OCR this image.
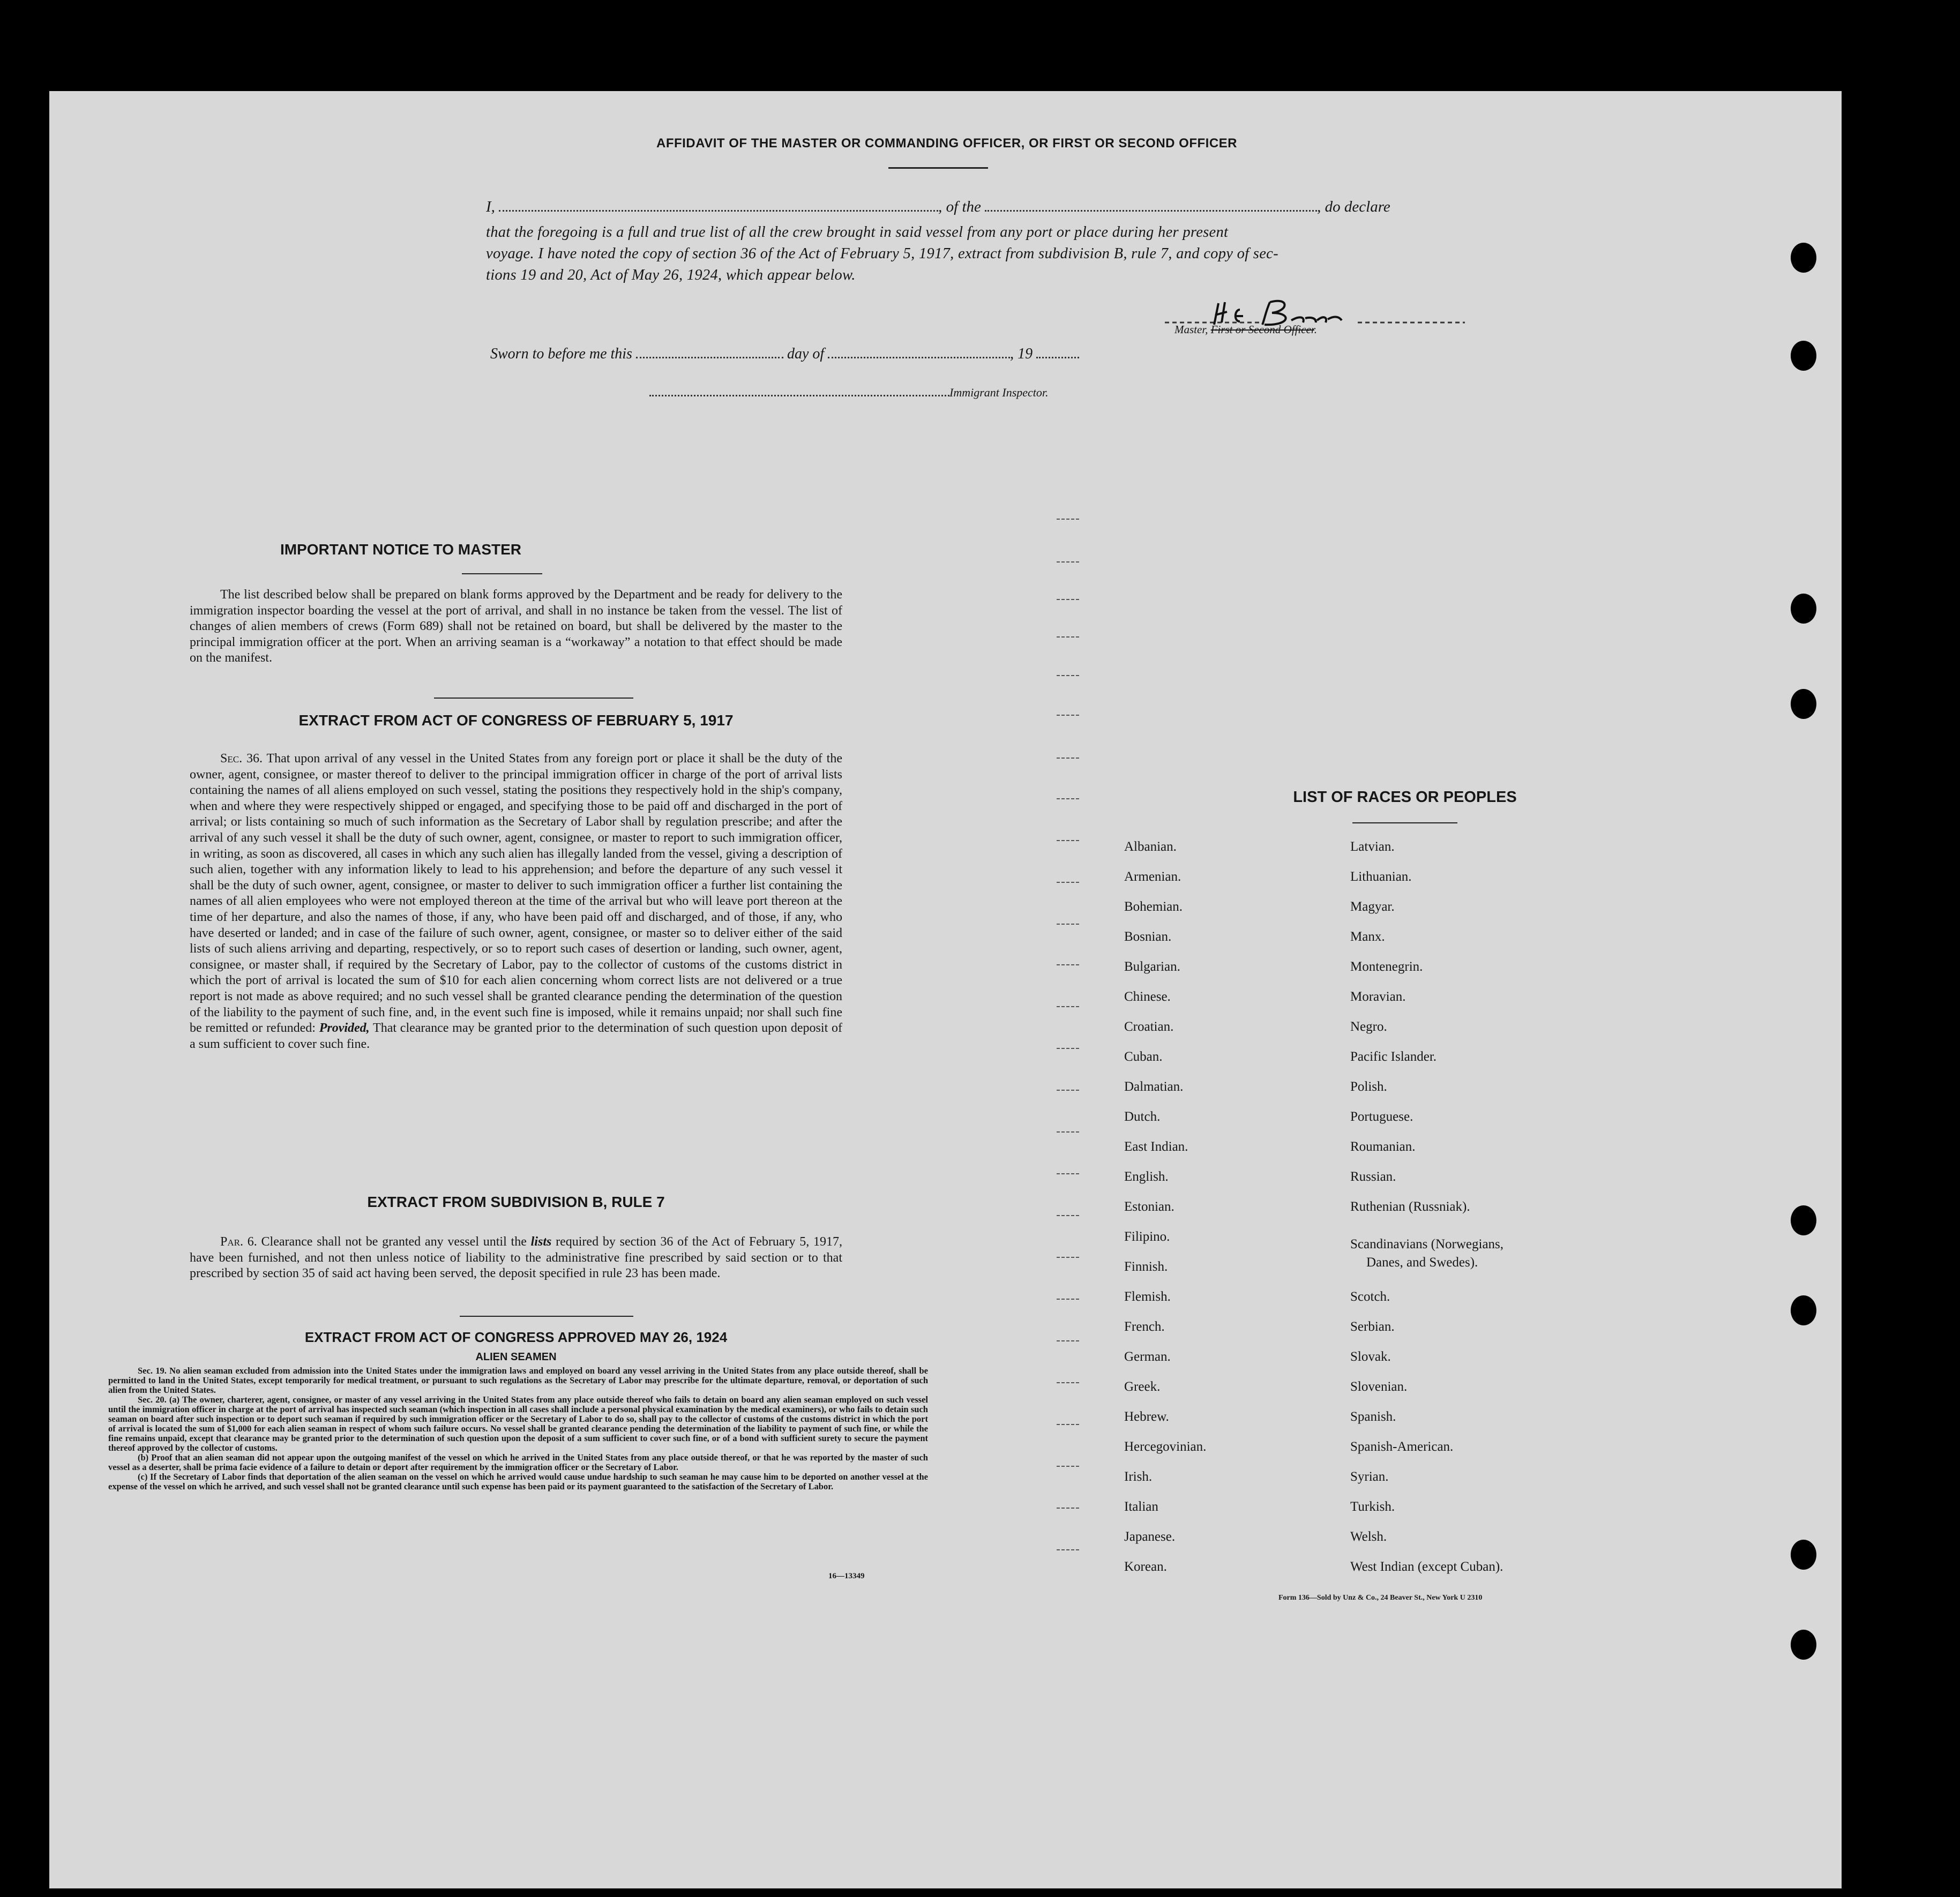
AFFIDAVIT OF THE MASTER OR COMMANDING OFFICER, OR FIRST OR SECOND OFFICER
I,	, of the	, do declare
that the foregoing is a full and true list of all the crew brought in said vessel from any port or place during her present
voyage. I have noted the copy of section 36 of the Act of February 5, 1917, extract from subdivision B, rule 7, and copy of sec-
tions 19 and 20, Act of May 26, 1924, which appear below.
Master, First or Second Officer.
Sworn to before me this	day of	, 19
Immigrant Inspector.
IMPORTANT NOTICE TO MASTER
The list described below shall be prepared on blank forms approved by the Department and be ready for delivery to the immigration inspector boarding the vessel at the port of arrival, and shall in no instance be taken from the vessel. The list of changes of alien members of crews (Form 689) shall not be retained on board, but shall be delivered by the master to the principal immigration officer at the port. When an arriving seaman is a “workaway” a notation to that effect should be made on the manifest.
EXTRACT FROM ACT OF CONGRESS OF FEBRUARY 5, 1917
Sec. 36. That upon arrival of any vessel in the United States from any foreign port or place it shall be the duty of the owner, agent, consignee, or master thereof to deliver to the principal immigration officer in charge of the port of arrival lists containing the names of all aliens employed on such vessel, stating the positions they respectively hold in the ship's company, when and where they were respectively shipped or engaged, and specifying those to be paid off and discharged in the port of arrival; or lists containing so much of such information as the Secretary of Labor shall by regulation prescribe; and after the arrival of any such vessel it shall be the duty of such owner, agent, consignee, or master to report to such immigration officer, in writing, as soon as discovered, all cases in which any such alien has illegally landed from the vessel, giving a description of such alien, together with any information likely to lead to his apprehension; and before the departure of any such vessel it shall be the duty of such owner, agent, consignee, or master to deliver to such immigration officer a further list containing the names of all alien employees who were not employed thereon at the time of the arrival but who will leave port thereon at the time of her departure, and also the names of those, if any, who have been paid off and discharged, and of those, if any, who have deserted or landed; and in case of the failure of such owner, agent, consignee, or master so to deliver either of the said lists of such aliens arriving and departing, respectively, or so to report such cases of desertion or landing, such owner, agent, consignee, or master shall, if required by the Secretary of Labor, pay to the collector of customs of the customs district in which the port of arrival is located the sum of $10 for each alien concerning whom correct lists are not delivered or a true report is not made as above required; and no such vessel shall be granted clearance pending the determination of the question of the liability to the payment of such fine, and, in the event such fine is imposed, while it remains unpaid; nor shall such fine be remitted or refunded: Provided, That clearance may be granted prior to the determination of such question upon deposit of a sum sufficient to cover such fine.
EXTRACT FROM SUBDIVISION B, RULE 7
Par. 6. Clearance shall not be granted any vessel until the lists required by section 36 of the Act of February 5, 1917, have been furnished, and not then unless notice of liability to the administrative fine prescribed by said section or to that prescribed by section 35 of said act having been served, the deposit specified in rule 23 has been made.
EXTRACT FROM ACT OF CONGRESS APPROVED MAY 26, 1924
ALIEN SEAMEN
Sec. 19. No alien seaman excluded from admission into the United States under the immigration laws and employed on board any vessel arriving in the United States from any place outside thereof, shall be permitted to land in the United States, except temporarily for medical treatment, or pursuant to such regulations as the Secretary of Labor may prescribe for the ultimate departure, removal, or deportation of such alien from the United States.
Sec. 20. (a) The owner, charterer, agent, consignee, or master of any vessel arriving in the United States from any place outside thereof who fails to detain on board any alien seaman employed on such vessel until the immigration officer in charge at the port of arrival has inspected such seaman (which inspection in all cases shall include a personal physical examination by the medical examiners), or who fails to detain such seaman on board after such inspection or to deport such seaman if required by such immigration officer or the Secretary of Labor to do so, shall pay to the collector of customs of the customs district in which the port of arrival is located the sum of $1,000 for each alien seaman in respect of whom such failure occurs. No vessel shall be granted clearance pending the determination of the liability to payment of such fine, or while the fine remains unpaid, except that clearance may be granted prior to the determination of such question upon the deposit of a sum sufficient to cover such fine, or of a bond with sufficient surety to secure the payment thereof approved by the collector of customs.
(b) Proof that an alien seaman did not appear upon the outgoing manifest of the vessel on which he arrived in the United States from any place outside thereof, or that he was reported by the master of such vessel as a deserter, shall be prima facie evidence of a failure to detain or deport after requirement by the immigration officer or the Secretary of Labor.
(c) If the Secretary of Labor finds that deportation of the alien seaman on the vessel on which he arrived would cause undue hardship to such seaman he may cause him to be deported on another vessel at the expense of the vessel on which he arrived, and such vessel shall not be granted clearance until such expense has been paid or its payment guaranteed to the satisfaction of the Secretary of Labor.
16—13349
LIST OF RACES OR PEOPLES
Albanian.
Armenian.
Bohemian.
Bosnian.
Bulgarian.
Chinese.
Croatian.
Cuban.
Dalmatian.
Dutch.
East Indian.
English.
Estonian.
Filipino.
Finnish.
Flemish.
French.
German.
Greek.
Hebrew.
Hercegovinian.
Irish.
Italian
Japanese.
Korean.
Latvian.
Lithuanian.
Magyar.
Manx.
Montenegrin.
Moravian.
Negro.
Pacific Islander.
Polish.
Portuguese.
Roumanian.
Russian.
Ruthenian (Russniak).
Scandinavians (Norwegians,
Danes, and Swedes).
Scotch.
Serbian.
Slovak.
Slovenian.
Spanish.
Spanish-American.
Syrian.
Turkish.
Welsh.
West Indian (except Cuban).
Form 136—Sold by Unz & Co., 24 Beaver St., New York U 2310
